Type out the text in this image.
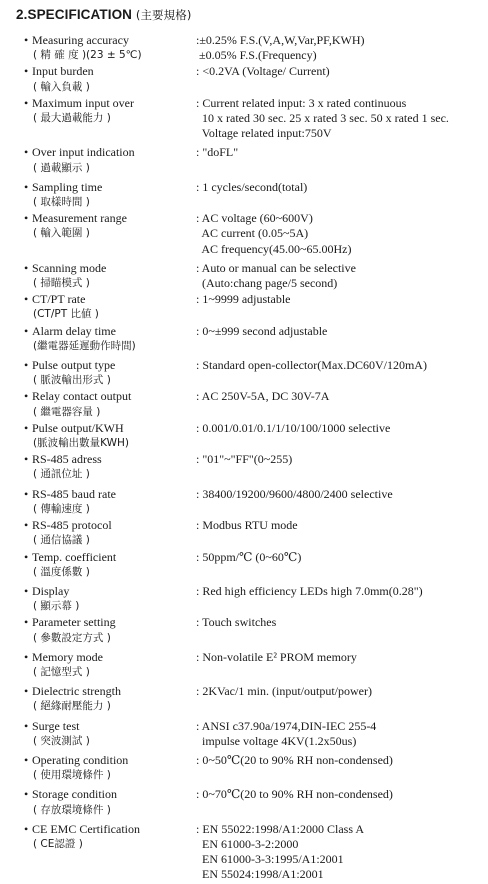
2.SPECIFICATION (主要規格)
• Measuring accuracy
( 精 確 度 )(23 ± 5℃)
:±0.25% F.S.(V,A,W,Var,PF,KWH)
±0.05% F.S.(Frequency)
• Input burden
( 輸入負載 )
: <0.2VA (Voltage/ Current)
• Maximum input over
( 最大過載能力 )
: Current related input: 3 x rated continuous
10 x rated 30 sec. 25 x rated 3 sec. 50 x rated 1 sec.
Voltage related input:750V
• Over input indication
( 過載顯示 )
: "doFL"
• Sampling time
( 取樣時間 )
: 1 cycles/second(total)
• Measurement range
( 輸入範圍 )
: AC voltage (60~600V)
AC current (0.05~5A)
AC frequency(45.00~65.00Hz)
• Scanning mode
( 掃瞄模式 )
: Auto or manual can be selective
(Auto:chang page/5 second)
• CT/PT rate
(CT/PT 比値 )
: 1~9999 adjustable
• Alarm delay time
(繼電器延遲動作時間)
: 0~±999 second adjustable
• Pulse output type
( 脈波輸出形式 )
: Standard open-collector(Max.DC60V/120mA)
• Relay contact output
( 繼電器容量 )
: AC 250V-5A, DC 30V-7A
• Pulse output/KWH
(脈波輸出數量KWH)
: 0.001/0.01/0.1/1/10/100/1000 selective
• RS-485 adress
( 通訊位址 )
: "01"~"FF"(0~255)
• RS-485 baud rate
( 傳輸速度 )
: 38400/19200/9600/4800/2400 selective
• RS-485 protocol
( 通信協議 )
: Modbus RTU mode
• Temp. coefficient
( 溫度係數 )
: 50ppm/℃ (0~60℃)
• Display
( 顯示幕 )
: Red high efficiency LEDs high 7.0mm(0.28")
• Parameter setting
( 參數設定方式 )
: Touch switches
• Memory mode
( 記憶型式 )
: Non-volatile E² PROM memory
• Dielectric strength
( 絕緣耐壓能力 )
: 2KVac/1 min. (input/output/power)
• Surge test
( 突波測試 )
: ANSI c37.90a/1974,DIN-IEC 255-4
impulse voltage 4KV(1.2x50us)
• Operating condition
( 使用環境條件 )
: 0~50℃(20 to 90% RH non-condensed)
• Storage condition
( 存放環境條件 )
: 0~70℃(20 to 90% RH non-condensed)
• CE EMC Certification
( CE認證 )
: EN 55022:1998/A1:2000 Class A
EN 61000-3-2:2000
EN 61000-3-3:1995/A1:2001
EN 55024:1998/A1:2001
